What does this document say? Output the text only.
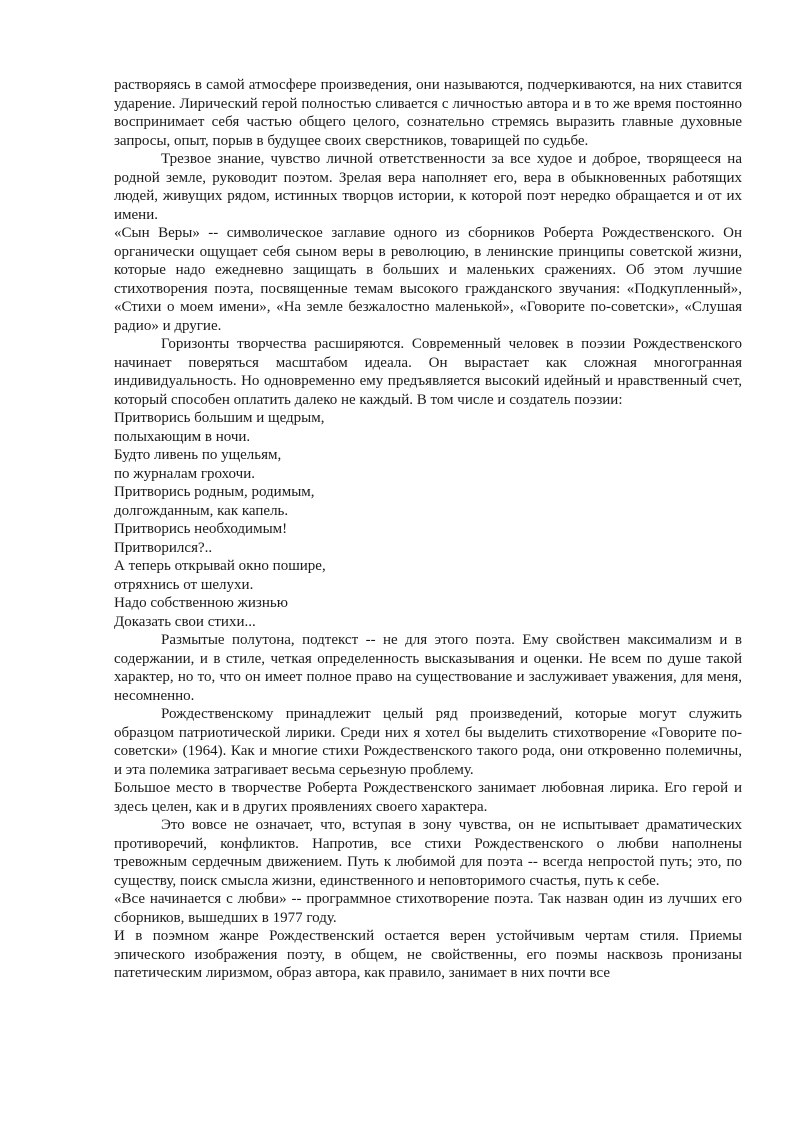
растворяясь в самой атмосфере произведения, они называются, подчеркиваются, на них ставится ударение. Лирический герой полностью сливается с личностью автора и в то же время постоянно воспринимает себя частью общего целого, сознательно стремясь выразить главные духовные запросы, опыт, порыв в будущее своих сверстников, товарищей по судьбе.

Трезвое знание, чувство личной ответственности за все худое и доброе, творящееся на родной земле, руководит поэтом. Зрелая вера наполняет его, вера в обыкновенных работящих людей, живущих рядом, истинных творцов истории, к которой поэт нередко обращается и от их имени.

«Сын Веры» -- символическое заглавие одного из сборников Роберта Рождественского. Он органически ощущает себя сыном веры в революцию, в ленинские принципы советской жизни, которые надо ежедневно защищать в больших и маленьких сражениях. Об этом лучшие стихотворения поэта, посвященные темам высокого гражданского звучания: «Подкупленный», «Стихи о моем имени», «На земле безжалостно маленькой», «Говорите по-советски», «Слушая радио» и другие.

Горизонты творчества расширяются. Современный человек в поэзии Рождественского начинает поверяться масштабом идеала. Он вырастает как сложная многогранная индивидуальность. Но одновременно ему предъявляется высокий идейный и нравственный счет, который способен оплатить далеко не каждый. В том числе и создатель поэзии:

Притворись большим и щедрым,
полыхающим в ночи.
Будто ливень по ущельям,
по журналам грохочи.
Притворись родным, родимым,
долгожданным, как капель.
Притворись необходимым!
Притворился?..
А теперь открывай окно пошире,
отряхнись от шелухи.
Надо собственною жизнью
Доказать свои стихи...

Размытые полутона, подтекст -- не для этого поэта. Ему свойствен максимализм и в содержании, и в стиле, четкая определенность высказывания и оценки. Не всем по душе такой характер, но то, что он имеет полное право на существование и заслуживает уважения, для меня, несомненно.

Рождественскому принадлежит целый ряд произведений, которые могут служить образцом патриотической лирики. Среди них я хотел бы выделить стихотворение «Говорите по-советски» (1964). Как и многие стихи Рождественского такого рода, они откровенно полемичны, и эта полемика затрагивает весьма серьезную проблему.

Большое место в творчестве Роберта Рождественского занимает любовная лирика. Его герой и здесь целен, как и в других проявлениях своего характера.

Это вовсе не означает, что, вступая в зону чувства, он не испытывает драматических противоречий, конфликтов. Напротив, все стихи Рождественского о любви наполнены тревожным сердечным движением. Путь к любимой для поэта -- всегда непростой путь; это, по существу, поиск смысла жизни, единственного и неповторимого счастья, путь к себе.

«Все начинается с любви» -- программное стихотворение поэта. Так назван один из лучших его сборников, вышедших в 1977 году.

И в поэмном жанре Рождественский остается верен устойчивым чертам стиля. Приемы эпического изображения поэту, в общем, не свойственны, его поэмы насквозь пронизаны патетическим лиризмом, образ автора, как правило, занимает в них почти все
